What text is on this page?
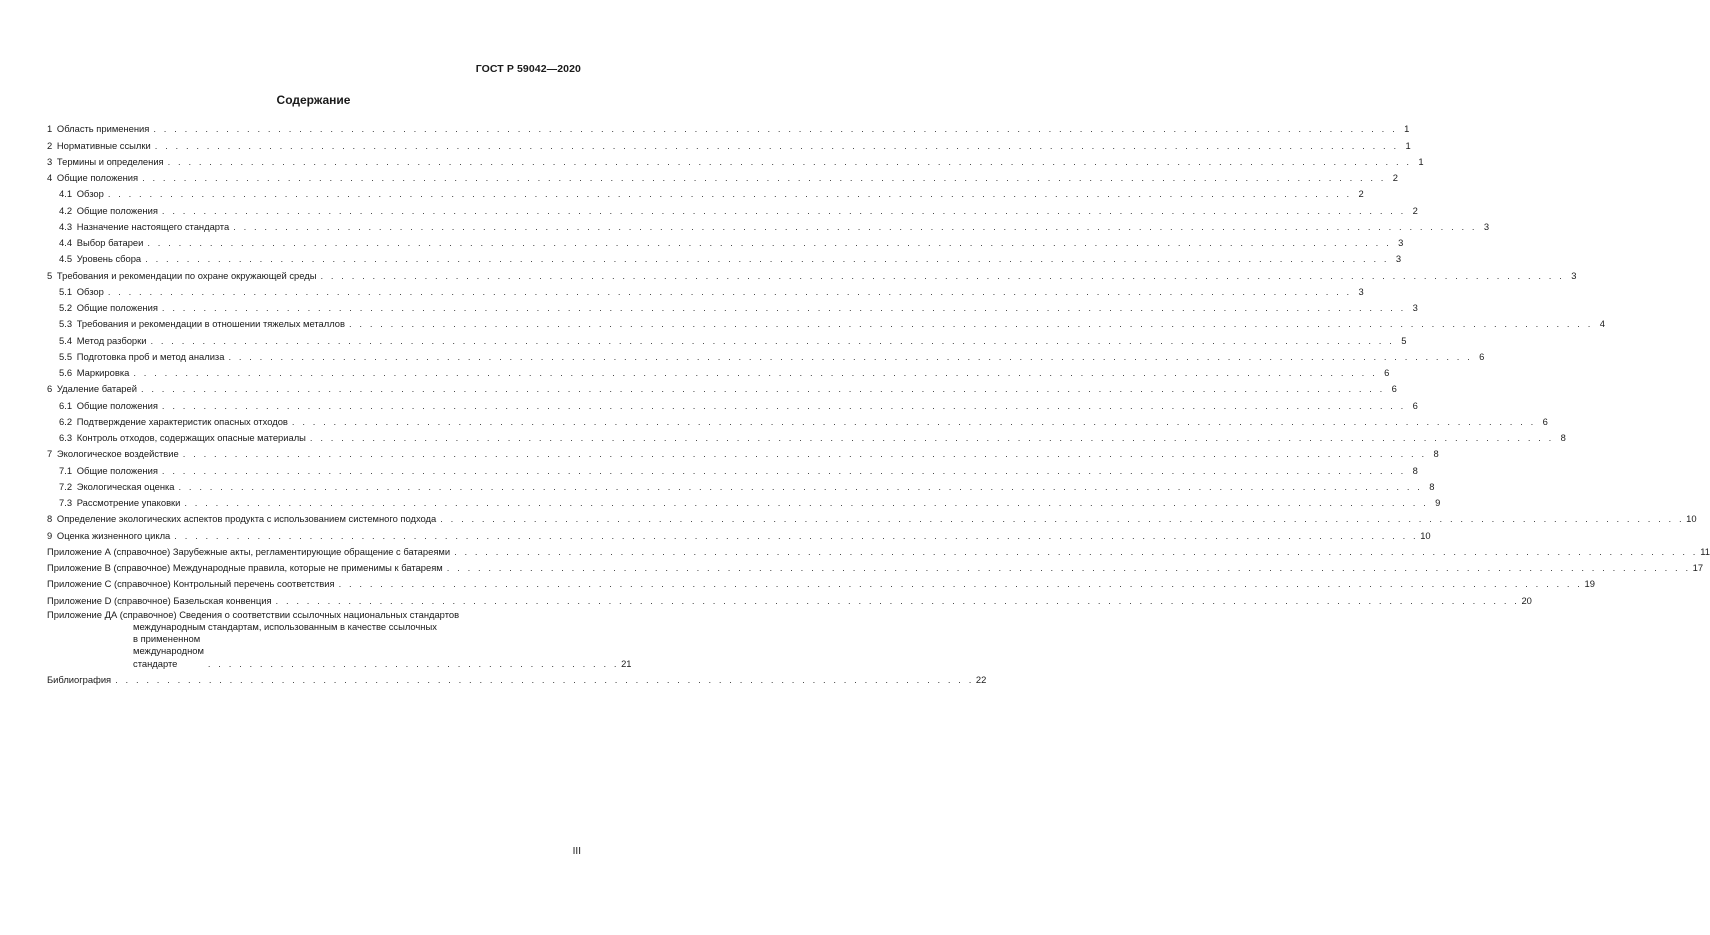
ГОСТ Р 59042—2020
Содержание
1  Область применения . . . . . . . . . . . . . . . . . . . . . . . . . . . . . . . . . . . . . . . . . . . . . . . . . . . . . . . . . . . . . . . . . . . . . . . . . . . . . . . . . . . . . . . . . . . . . . . . . . . . . . . . . . . . . . . . . . . . . . . . 1
2  Нормативные ссылки . . . . . . . . . . . . . . . . . . . . . . . . . . . . . . . . . . . . . . . . . . . . . . . . . . . . . . . . . . . . . . . . . . . . . . . . . . . . . . . . . . . . . . . . . . . . . . . . . . . . . . . . . . . . . . . . . . . . . . . . 1
3  Термины и определения . . . . . . . . . . . . . . . . . . . . . . . . . . . . . . . . . . . . . . . . . . . . . . . . . . . . . . . . . . . . . . . . . . . . . . . . . . . . . . . . . . . . . . . . . . . . . . . . . . . . . . . . . . . . . . . . . . . . . . . . 1
4  Общие положения . . . . . . . . . . . . . . . . . . . . . . . . . . . . . . . . . . . . . . . . . . . . . . . . . . . . . . . . . . . . . . . . . . . . . . . . . . . . . . . . . . . . . . . . . . . . . . . . . . . . . . . . . . . . . . . . . . . . . . . . 2
4.1  Обзор . . . . . . . . . . . . . . . . . . . . . . . . . . . . . . . . . . . . . . . . . . . . . . . . . . . . . . . . . . . . . . . . . . . . . . . . . . . . . . . . . . . . . . . . . . . . . . . . . . . . . . . . . . . . . . . . . . . . . . . . 2
4.2  Общие положения . . . . . . . . . . . . . . . . . . . . . . . . . . . . . . . . . . . . . . . . . . . . . . . . . . . . . . . . . . . . . . . . . . . . . . . . . . . . . . . . . . . . . . . . . . . . . . . . . . . . . . . . . . . . . . . . . . . . . . . . 2
4.3  Назначение настоящего стандарта . . . . . . . . . . . . . . . . . . . . . . . . . . . . . . . . . . . . . . . . . . . . . . . . . . . . . . . . . . . . . . . . . . . . . . . . . . . . . . . . . . . . . . . . . . . . . . . . . . . . . . . . . . . . . . . . . . . . . . . . 3
4.4  Выбор батареи . . . . . . . . . . . . . . . . . . . . . . . . . . . . . . . . . . . . . . . . . . . . . . . . . . . . . . . . . . . . . . . . . . . . . . . . . . . . . . . . . . . . . . . . . . . . . . . . . . . . . . . . . . . . . . . . . . . . . . . . 3
4.5  Уровень сбора . . . . . . . . . . . . . . . . . . . . . . . . . . . . . . . . . . . . . . . . . . . . . . . . . . . . . . . . . . . . . . . . . . . . . . . . . . . . . . . . . . . . . . . . . . . . . . . . . . . . . . . . . . . . . . . . . . . . . . . . 3
5  Требования и рекомендации по охране окружающей среды . . . . . . . . . . . . . . . . . . . . . . . . . . . . . . . . . . . . . . . . . . . . . . . . . . . . . . . . . . . . . . . . . . . . . . . . . . . . . . . . . . . . . . . . . . . . . . . . . . . . . . . . . . . . . . . . . . . . . . . . 3
5.1  Обзор . . . . . . . . . . . . . . . . . . . . . . . . . . . . . . . . . . . . . . . . . . . . . . . . . . . . . . . . . . . . . . . . . . . . . . . . . . . . . . . . . . . . . . . . . . . . . . . . . . . . . . . . . . . . . . . . . . . . . . . . 3
5.2  Общие положения . . . . . . . . . . . . . . . . . . . . . . . . . . . . . . . . . . . . . . . . . . . . . . . . . . . . . . . . . . . . . . . . . . . . . . . . . . . . . . . . . . . . . . . . . . . . . . . . . . . . . . . . . . . . . . . . . . . . . . . . 3
5.3  Требования и рекомендации в отношении тяжелых металлов . . . . . . . . . . . . . . . . . . . . . . . . . . . . . . . . . . . . . . . . . . . . . . . . . . . . . . . . . . . . . . . . . . . . . . . . . . . . . . . . . . . . . . . . . . . . . . . . . . . . . . . . . . . . . . . . . . . . . . . . 4
5.4  Метод разборки . . . . . . . . . . . . . . . . . . . . . . . . . . . . . . . . . . . . . . . . . . . . . . . . . . . . . . . . . . . . . . . . . . . . . . . . . . . . . . . . . . . . . . . . . . . . . . . . . . . . . . . . . . . . . . . . . . . . . . . . 5
5.5  Подготовка проб и метод анализа . . . . . . . . . . . . . . . . . . . . . . . . . . . . . . . . . . . . . . . . . . . . . . . . . . . . . . . . . . . . . . . . . . . . . . . . . . . . . . . . . . . . . . . . . . . . . . . . . . . . . . . . . . . . . . . . . . . . . . . . 6
5.6  Маркировка . . . . . . . . . . . . . . . . . . . . . . . . . . . . . . . . . . . . . . . . . . . . . . . . . . . . . . . . . . . . . . . . . . . . . . . . . . . . . . . . . . . . . . . . . . . . . . . . . . . . . . . . . . . . . . . . . . . . . . . . 6
6  Удаление батарей . . . . . . . . . . . . . . . . . . . . . . . . . . . . . . . . . . . . . . . . . . . . . . . . . . . . . . . . . . . . . . . . . . . . . . . . . . . . . . . . . . . . . . . . . . . . . . . . . . . . . . . . . . . . . . . . . . . . . . . . 6
6.1  Общие положения . . . . . . . . . . . . . . . . . . . . . . . . . . . . . . . . . . . . . . . . . . . . . . . . . . . . . . . . . . . . . . . . . . . . . . . . . . . . . . . . . . . . . . . . . . . . . . . . . . . . . . . . . . . . . . . . . . . . . . . . 6
6.2  Подтверждение характеристик опасных отходов . . . . . . . . . . . . . . . . . . . . . . . . . . . . . . . . . . . . . . . . . . . . . . . . . . . . . . . . . . . . . . . . . . . . . . . . . . . . . . . . . . . . . . . . . . . . . . . . . . . . . . . . . . . . . . . . . . . . . . . . 6
6.3  Контроль отходов, содержащих опасные материалы . . . . . . . . . . . . . . . . . . . . . . . . . . . . . . . . . . . . . . . . . . . . . . . . . . . . . . . . . . . . . . . . . . . . . . . . . . . . . . . . . . . . . . . . . . . . . . . . . . . . . . . . . . . . . . . . . . . . . . . . 8
7  Экологическое воздействие . . . . . . . . . . . . . . . . . . . . . . . . . . . . . . . . . . . . . . . . . . . . . . . . . . . . . . . . . . . . . . . . . . . . . . . . . . . . . . . . . . . . . . . . . . . . . . . . . . . . . . . . . . . . . . . . . . . . . . . . 8
7.1  Общие положения . . . . . . . . . . . . . . . . . . . . . . . . . . . . . . . . . . . . . . . . . . . . . . . . . . . . . . . . . . . . . . . . . . . . . . . . . . . . . . . . . . . . . . . . . . . . . . . . . . . . . . . . . . . . . . . . . . . . . . . . 8
7.2  Экологическая оценка . . . . . . . . . . . . . . . . . . . . . . . . . . . . . . . . . . . . . . . . . . . . . . . . . . . . . . . . . . . . . . . . . . . . . . . . . . . . . . . . . . . . . . . . . . . . . . . . . . . . . . . . . . . . . . . . . . . . . . . . 8
7.3  Рассмотрение упаковки . . . . . . . . . . . . . . . . . . . . . . . . . . . . . . . . . . . . . . . . . . . . . . . . . . . . . . . . . . . . . . . . . . . . . . . . . . . . . . . . . . . . . . . . . . . . . . . . . . . . . . . . . . . . . . . . . . . . . . . . 9
8  Определение экологических аспектов продукта с использованием системного подхода . . . . . . . . . . . . . . . . . . . . . . . . . . . . . . . . . . . . . . . . . . . . . . . . . . . . . . . . . . . . . . . . . . . . . . . . . . . . . . . . . . . . . . . . . . . . . . . . . . . . . . . . . . . . . . . . . . . . . . . . 10
9  Оценка жизненного цикла . . . . . . . . . . . . . . . . . . . . . . . . . . . . . . . . . . . . . . . . . . . . . . . . . . . . . . . . . . . . . . . . . . . . . . . . . . . . . . . . . . . . . . . . . . . . . . . . . . . . . . . . . . . . . . . . . . . . . . . . 10
Приложение А (справочное) Зарубежные акты, регламентирующие обращение с батареями . . . . . . . . . . . . . . . . . . . . . . . . . . . . . . . . . . . . . . . . . . . . . . . . . . . . . . . . . . . . . . . . . . . . . . . . . . . . . . . . . . . . . . . . . . . . . . . . . . . . . . . . . . . . . . . . . . . . . . . . 11
Приложение В (справочное) Международные правила, которые не применимы к батареям . . . . . . . . . . . . . . . . . . . . . . . . . . . . . . . . . . . . . . . . . . . . . . . . . . . . . . . . . . . . . . . . . . . . . . . . . . . . . . . . . . . . . . . . . . . . . . . . . . . . . . . . . . . . . . . . . . . . . . . . 17
Приложение С (справочное) Контрольный перечень соответствия . . . . . . . . . . . . . . . . . . . . . . . . . . . . . . . . . . . . . . . . . . . . . . . . . . . . . . . . . . . . . . . . . . . . . . . . . . . . . . . . . . . . . . . . . . . . . . . . . . . . . . . . . . . . . . . . . . . . . . . . 19
Приложение D (справочное) Базельская конвенция . . . . . . . . . . . . . . . . . . . . . . . . . . . . . . . . . . . . . . . . . . . . . . . . . . . . . . . . . . . . . . . . . . . . . . . . . . . . . . . . . . . . . . . . . . . . . . . . . . . . . . . . . . . . . . . . . . . . . . . . 20
Приложение ДА (справочное) Сведения о соответствии ссылочных национальных стандартов
международным стандартам, использованным в качестве ссылочных
в примененном международном стандарте	. . . . . . . . . . . . . . . . . . . . . . . . . . . . . . . . . . . . . . . . 21
Библиография . . . . . . . . . . . . . . . . . . . . . . . . . . . . . . . . . . . . . . . . . . . . . . . . . . . . . . . . . . . . . . . . . . . . . . . . . . . . . . . . . . . 22
III
